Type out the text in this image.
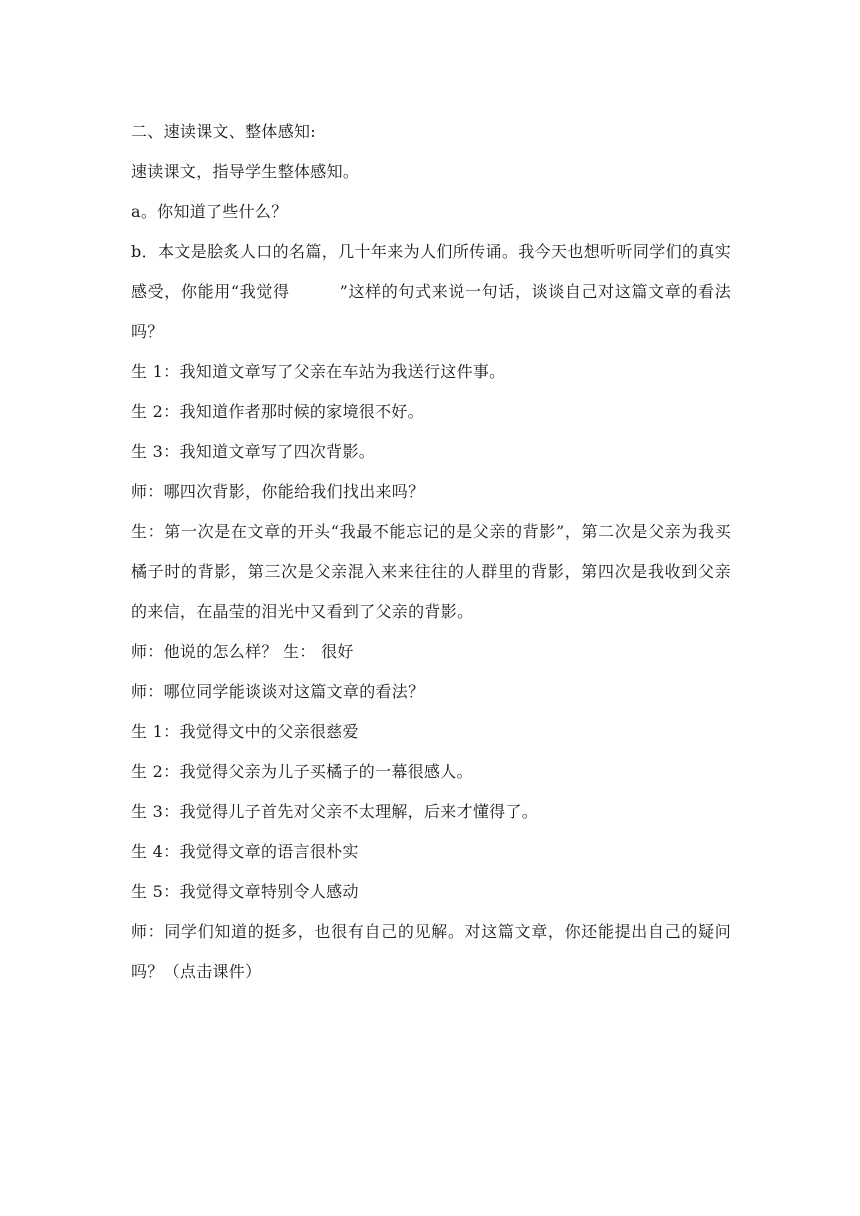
二、速读课文、整体感知:

速读课文，指导学生整体感知。

a。你知道了些什么？

b．本文是脍炙人口的名篇，几十年来为人们所传诵。我今天也想听听同学们的真实感受，你能用“我觉得	”这样的句式来说一句话，谈谈自己对这篇文章的看法吗？

生 1：我知道文章写了父亲在车站为我送行这件事。

生 2：我知道作者那时候的家境很不好。

生 3：我知道文章写了四次背影。

师：哪四次背影，你能给我们找出来吗？

生：第一次是在文章的开头“我最不能忘记的是父亲的背影”，第二次是父亲为我买橘子时的背影，第三次是父亲混入来来往往的人群里的背影，第四次是我收到父亲的来信，在晶莹的泪光中又看到了父亲的背影。

师：他说的怎么样？ 生： 很好

师：哪位同学能谈谈对这篇文章的看法？

生 1：我觉得文中的父亲很慈爱

生 2：我觉得父亲为儿子买橘子的一幕很感人。

生 3：我觉得儿子首先对父亲不太理解，后来才懂得了。

生 4：我觉得文章的语言很朴实

生 5：我觉得文章特别令人感动

师：同学们知道的挺多，也很有自己的见解。对这篇文章，你还能提出自己的疑问吗？（点击课件）
